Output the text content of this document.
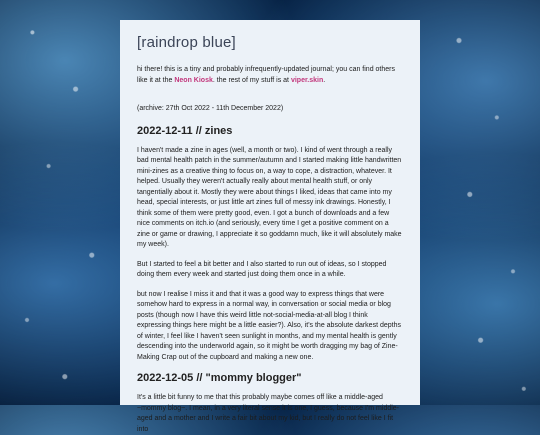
[raindrop blue]

hi there! this is a tiny and probably infrequently-updated journal; you can find others like it at the Neon Kiosk. the rest of my stuff is at viper.skin.

(archive: 27th Oct 2022 - 11th December 2022)

2022-12-11 // zines

I haven't made a zine in ages (well, a month or two). I kind of went through a really bad mental health patch in the summer/autumn and I started making little handwritten mini-zines as a creative thing to focus on, a way to cope, a distraction, whatever. It helped. Usually they weren't actually really about mental health stuff, or only tangentially about it. Mostly they were about things I liked, ideas that came into my head, special interests, or just little art zines full of messy ink drawings. Honestly, I think some of them were pretty good, even. I got a bunch of downloads and a few nice comments on itch.io (and seriously, every time I get a positive comment on a zine or game or drawing, I appreciate it so goddamn much, like it will absolutely make my week).

But I started to feel a bit better and I also started to run out of ideas, so I stopped doing them every week and started just doing them once in a while.

but now I realise I miss it and that it was a good way to express things that were somehow hard to express in a normal way, in conversation or social media or blog posts (though now I have this weird little not-social-media-at-all blog I think expressing things here might be a little easier?). Also, it's the absolute darkest depths of winter, I feel like I haven't seen sunlight in months, and my mental health is gently descending into the underworld again, so it might be worth dragging my bag of Zine-Making Crap out of the cupboard and making a new one.

2022-12-05 // "mommy blogger"

It's a little bit funny to me that this probably maybe comes off like a middle-aged ~mommy blog~. I mean, in a very literal sense it is one, I guess, because I'm middle-aged and a mother and I write a fair bit about my kid, but I really do not feel like I fit into
